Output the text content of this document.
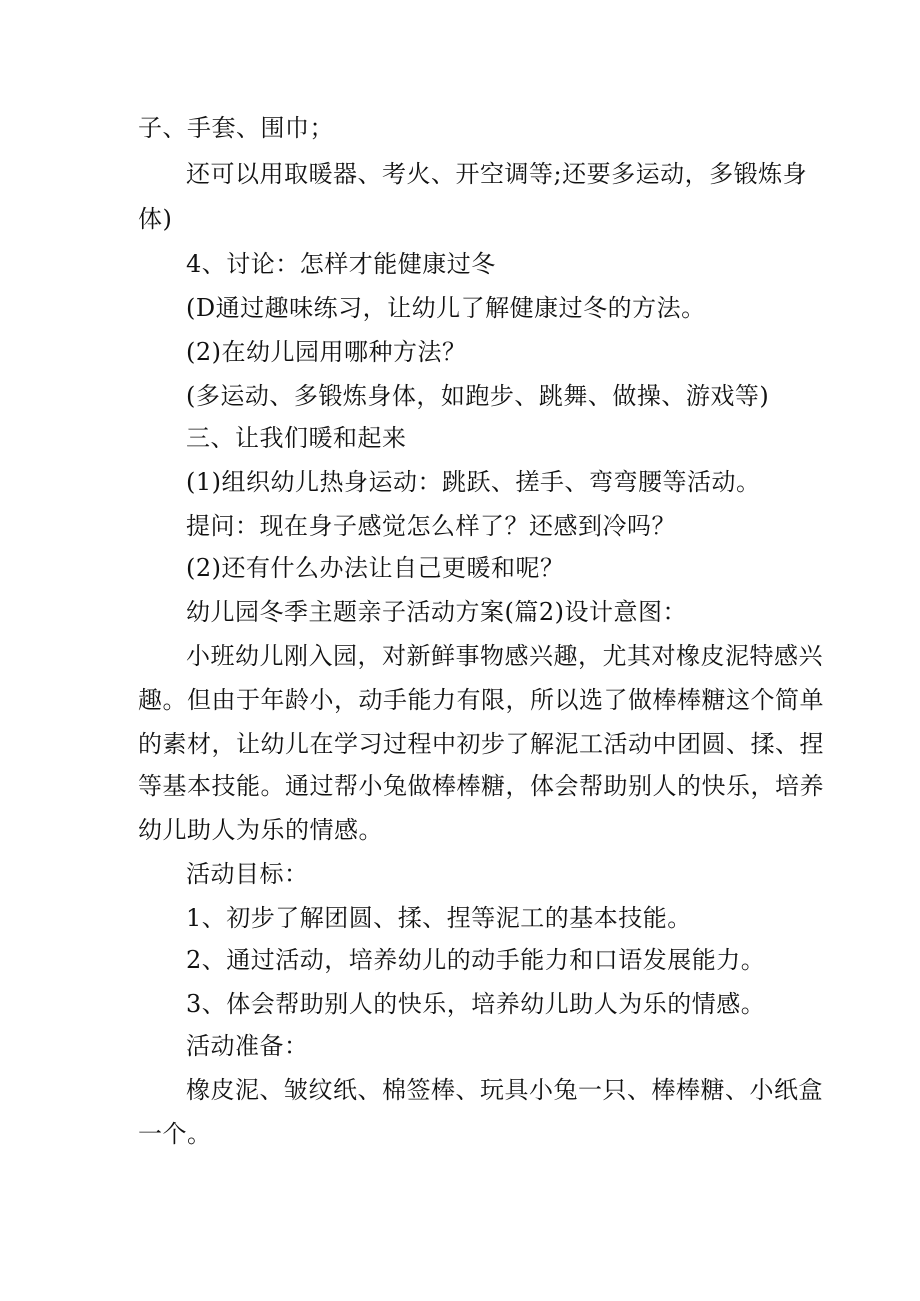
子、手套、围巾；
还可以用取暖器、考火、开空调等;还要多运动，多锻炼身
体)
4、讨论：怎样才能健康过冬
(D通过趣味练习，让幼儿了解健康过冬的方法。
(2)在幼儿园用哪种方法？
(多运动、多锻炼身体，如跑步、跳舞、做操、游戏等)
三、让我们暖和起来
(1)组织幼儿热身运动：跳跃、搓手、弯弯腰等活动。
提问：现在身子感觉怎么样了？还感到冷吗？
(2)还有什么办法让自己更暖和呢？
幼儿园冬季主题亲子活动方案(篇2)设计意图：
小班幼儿刚入园，对新鲜事物感兴趣，尤其对橡皮泥特感兴
趣。但由于年龄小，动手能力有限，所以选了做棒棒糖这个简单
的素材，让幼儿在学习过程中初步了解泥工活动中团圆、揉、捏
等基本技能。通过帮小兔做棒棒糖，体会帮助别人的快乐，培养
幼儿助人为乐的情感。
活动目标：
1、初步了解团圆、揉、捏等泥工的基本技能。
2、通过活动，培养幼儿的动手能力和口语发展能力。
3、体会帮助别人的快乐，培养幼儿助人为乐的情感。
活动准备：
橡皮泥、皱纹纸、棉签棒、玩具小兔一只、棒棒糖、小纸盒
一个。
